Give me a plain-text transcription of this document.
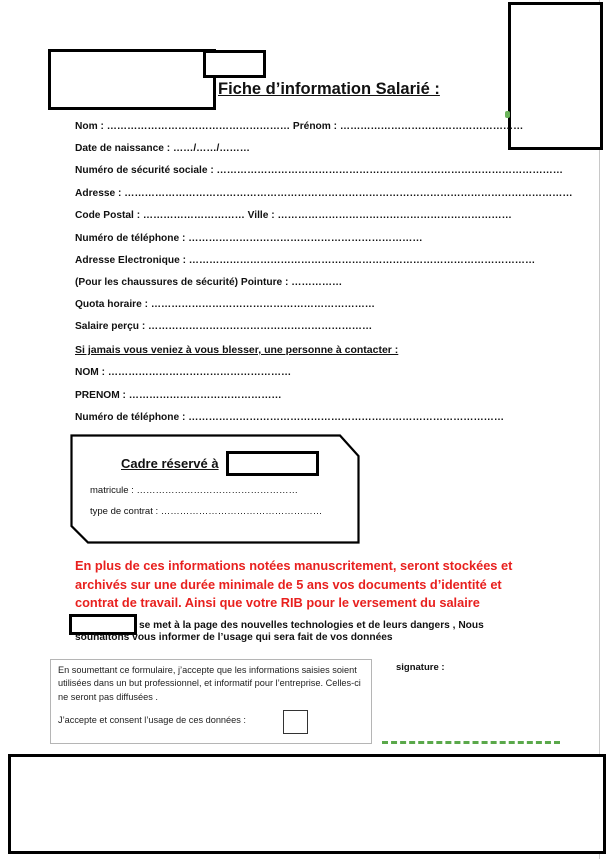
Fiche d’information Salarié :
Nom : ……………………………………………… Prénom : ………………………………………………
Date de naissance : ……/……/………
Numéro de sécurité sociale : …………………………………………………………………………………………
Adresse : ……………………………………………………………………………………………………………………
Code Postal : ………………………… Ville : ……………………………………………………………
Numéro de téléphone : ……………………………………………………………
Adresse Electronique : …………………………………………………………………………………………
(Pour les chaussures de sécurité) Pointure : ……………
Quota horaire : …………………………………………………………
Salaire perçu : …………………………………………………………
Si jamais vous veniez à vous blesser, une personne à contacter :
NOM : ………………………………………………
PRENOM : ………………………………………
Numéro de téléphone : …………………………………………………………………………………
Cadre réservé à
matricule : ……………………………………………
type de contrat : ……………………………………………
En plus de ces informations notées manuscritement, seront stockées et archivés sur une durée minimale de 5 ans vos documents d’identité et contrat de travail. Ainsi que votre RIB pour le versement du salaire
se met à la page des nouvelles technologies et de leurs dangers , Nous
souhaitons vous informer de l’usage qui sera fait de vos données
En soumettant ce formulaire, j’accepte que les informations saisies soient utilisées dans un but professionnel, et informatif pour l’entreprise. Celles-ci ne seront pas diffusées .
J’accepte et consent l’usage de ces données :
signature :
